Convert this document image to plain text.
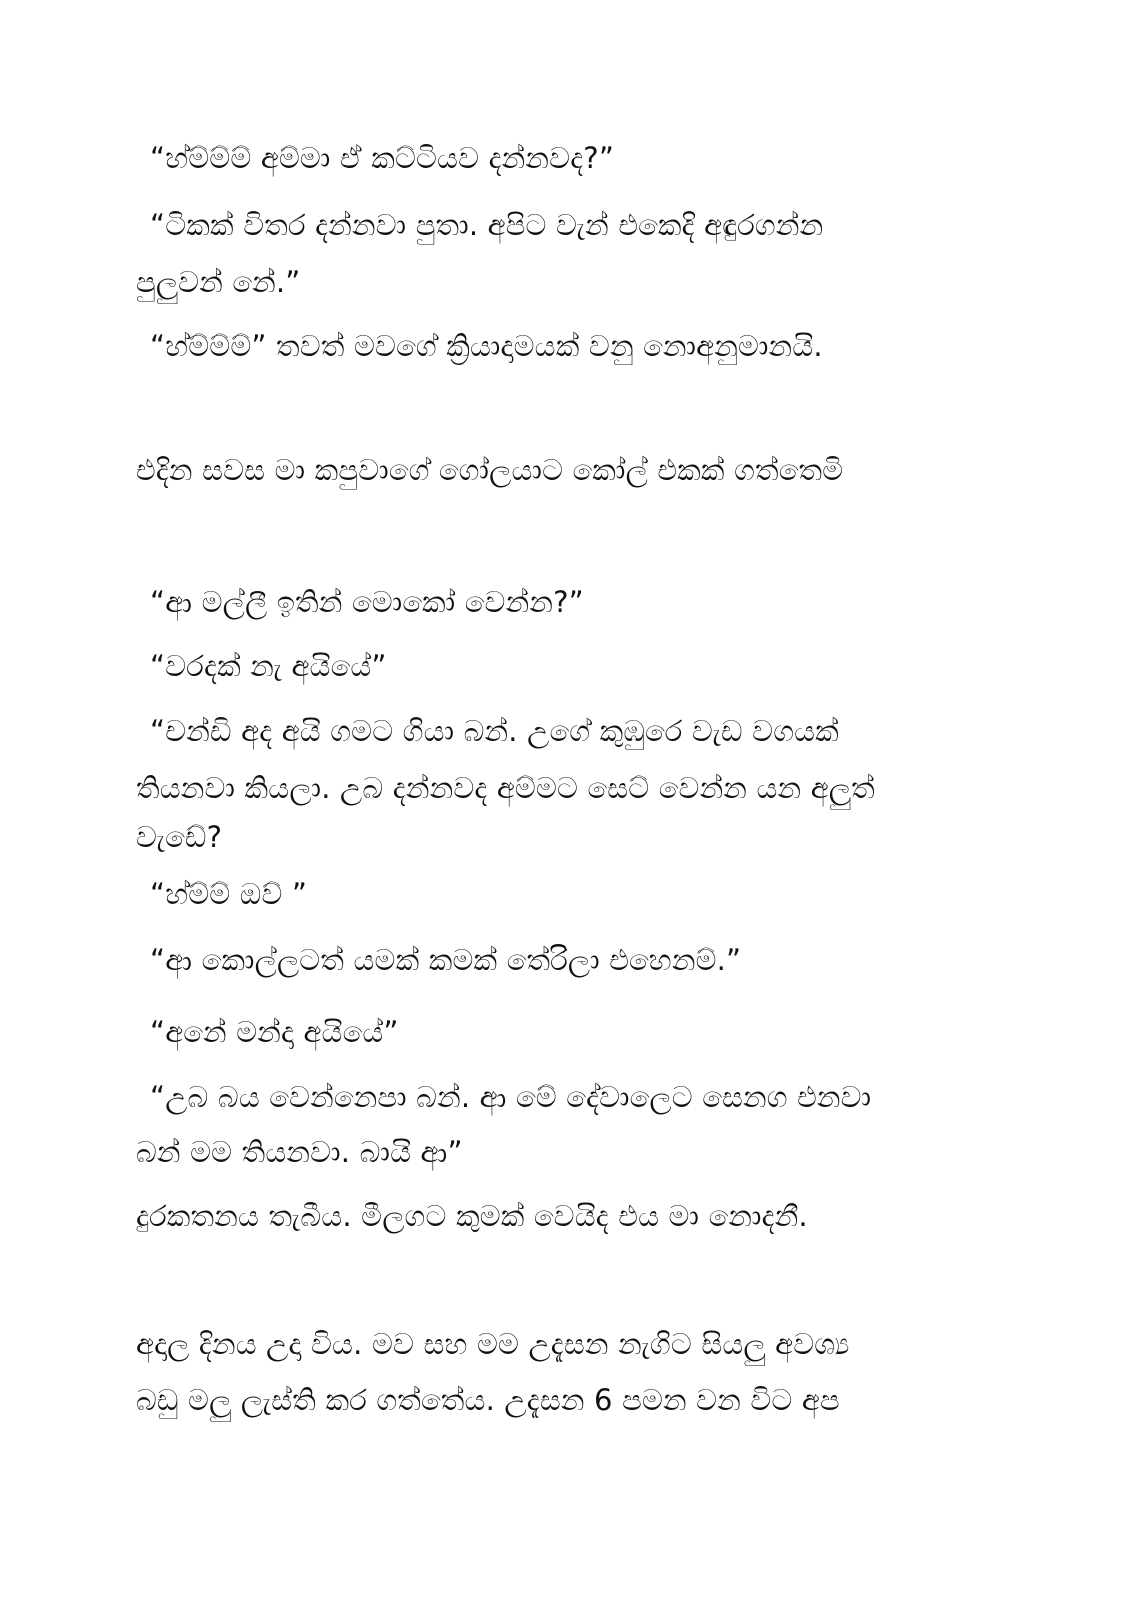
“හ්ම්ම්ම් අම්මා ඒ කට්ටියව දන්නවද?”
“ටිකක් විතර දන්නවා පුතා. අපිට වැන් එකෙදි අඳුරගන්න
පුලුවන් නේ.”
“හ්ම්ම්ම්” තවත් මවගේ ක්‍රියාදාමයක් වනු නොඅනුමානයි.
එදින සවස මා කපුවාගේ ගෝලයාට කෝල් එකක් ගත්තෙමි
“ආ මල්ලී ඉතින් මොකෝ වෙන්න?”
“වරදක් නැ අයියේ”
“චන්ඩි අද අයි ගමට ගියා බන්. උගේ කුඹුරෙ වැඩ වගයක්
තියනවා කියලා. උබ දන්නවද අම්මට සෙට් වෙන්න යන අලුත්
වැඩේ?
“හ්ම්ම් ඔව් ”
“ආ කොල්ලටත් යමක් කමක් තේරිලා එහෙනම්.”
“අනේ මන්දා අයියේ”
“උබ බය වෙන්නෙපා බන්. ආ මේ දේවාලෙට සෙනග එනවා
බන් මම තියනවා. බායි ආ”
දුරකතනය තැබීය. මීලගට කුමක් වෙයිද එය මා නොදනී.
අදාල දිනය උදා විය. මව සහ මම උදැසන නැගිට සියලු අවශ්‍ය
බඩු මලු ලැස්ති කර ගත්තේය. උදැසන 6 පමන වන විට අප
